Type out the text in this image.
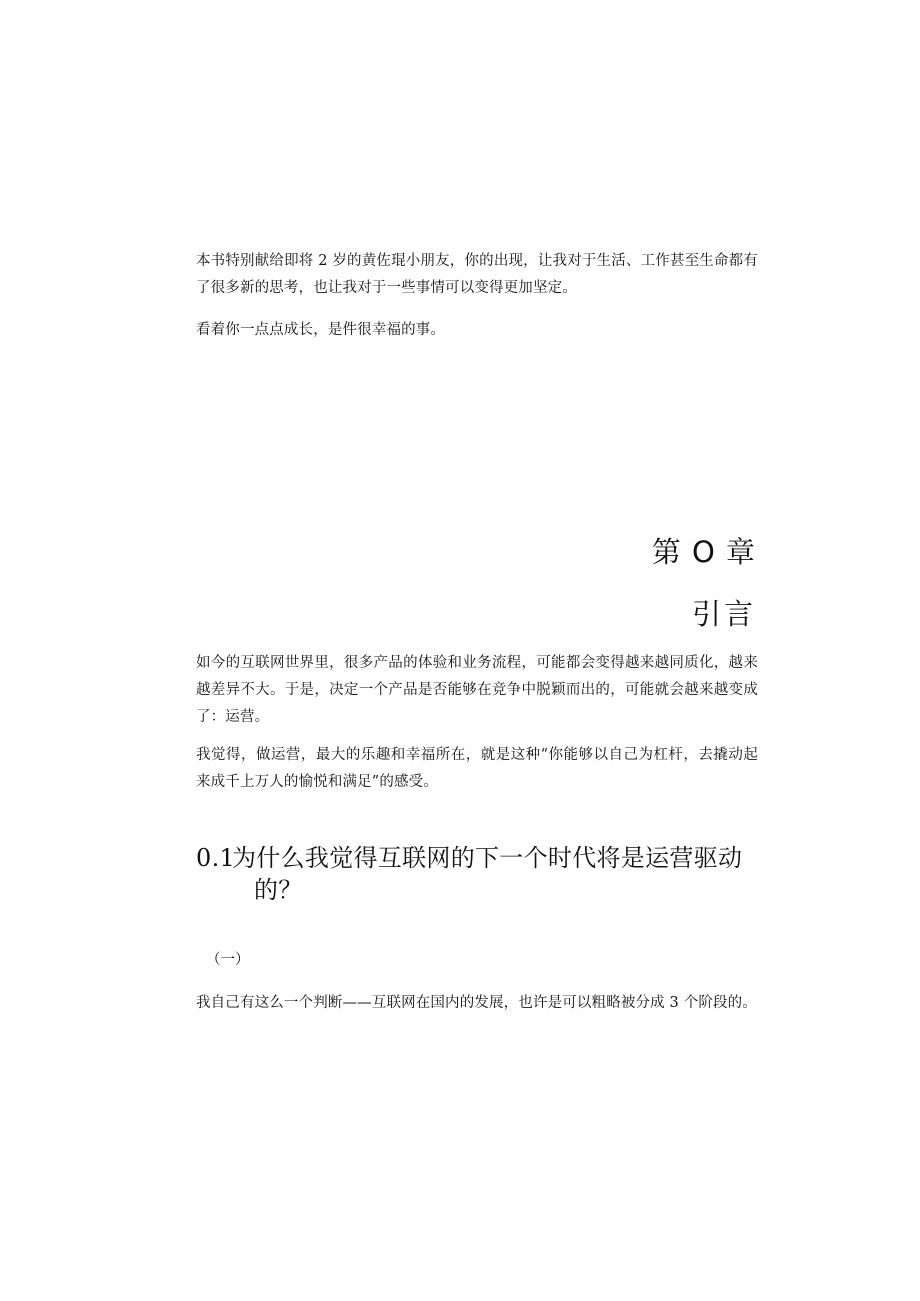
本书特别献给即将 2 岁的黄佐琨小朋友，你的出现，让我对于生活、工作甚至生命都有了很多新的思考，也让我对于一些事情可以变得更加坚定。

看着你一点点成长，是件很幸福的事。

第 O 章
引言

如今的互联网世界里，很多产品的体验和业务流程，可能都会变得越来越同质化，越来越差异不大。于是，决定一个产品是否能够在竞争中脱颖而出的，可能就会越来越变成了：运营。

我觉得，做运营，最大的乐趣和幸福所在，就是这种“你能够以自己为杠杆，去撬动起来成千上万人的愉悦和满足”的感受。

0.1为什么我觉得互联网的下一个时代将是运营驱动
的？

（一）

我自己有这么一个判断——互联网在国内的发展，也许是可以粗略被分成 3 个阶段的。
